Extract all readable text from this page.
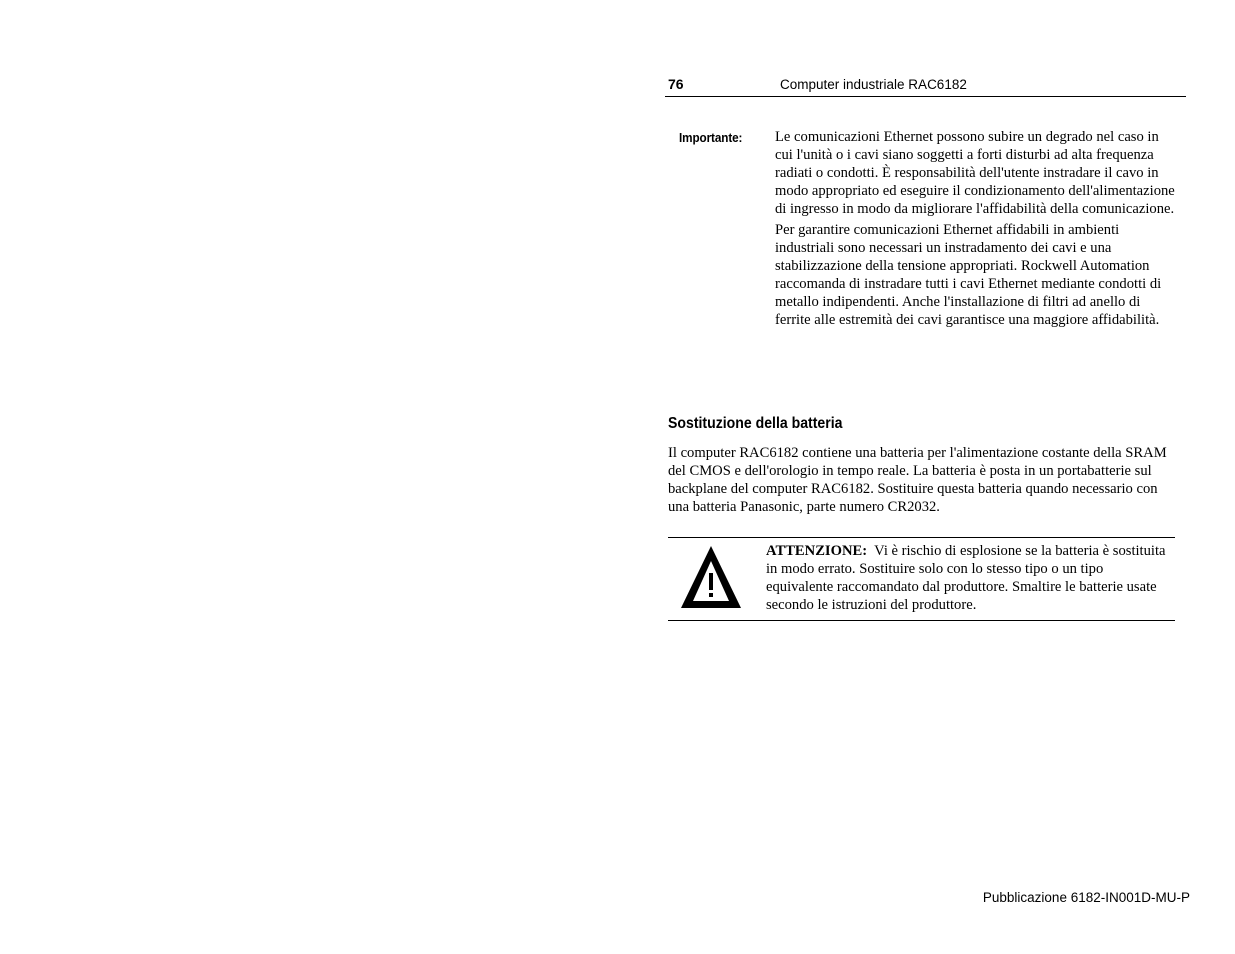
76	Computer industriale RAC6182
Importante: Le comunicazioni Ethernet possono subire un degrado nel caso in cui l'unità o i cavi siano soggetti a forti disturbi ad alta frequenza radiati o condotti. È responsabilità dell'utente instradare il cavo in modo appropriato ed eseguire il condizionamento dell'alimentazione di ingresso in modo da migliorare l'affidabilità della comunicazione.

Per garantire comunicazioni Ethernet affidabili in ambienti industriali sono necessari un instradamento dei cavi e una stabilizzazione della tensione appropriati. Rockwell Automation raccomanda di instradare tutti i cavi Ethernet mediante condotti di metallo indipendenti. Anche l'installazione di filtri ad anello di ferrite alle estremità dei cavi garantisce una maggiore affidabilità.

Sostituzione della batteria

Il computer RAC6182 contiene una batteria per l'alimentazione costante della SRAM del CMOS e dell'orologio in tempo reale. La batteria è posta in un portabatterie sul backplane del computer RAC6182. Sostituire questa batteria quando necessario con una batteria Panasonic, parte numero CR2032.

ATTENZIONE: Vi è rischio di esplosione se la batteria è sostituita in modo errato. Sostituire solo con lo stesso tipo o un tipo equivalente raccomandato dal produttore. Smaltire le batterie usate secondo le istruzioni del produttore.
Pubblicazione 6182-IN001D-MU-P
